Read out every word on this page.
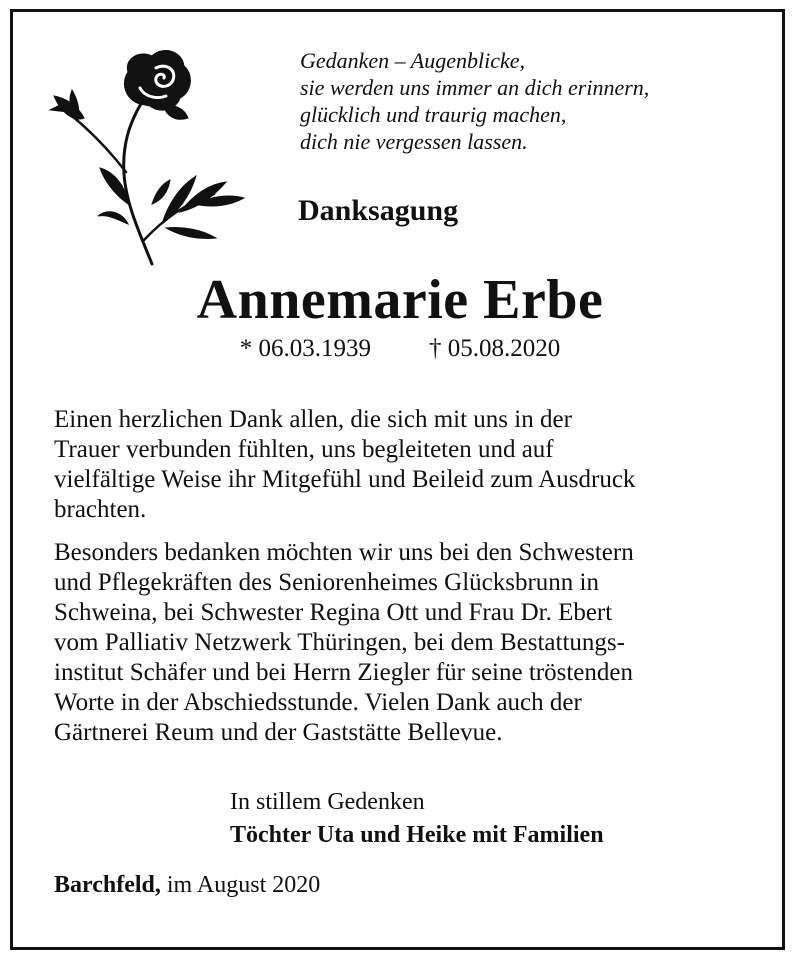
Gedanken – Augenblicke,
sie werden uns immer an dich erinnern,
glücklich und traurig machen,
dich nie vergessen lassen.
Danksagung
Annemarie Erbe
* 06.03.1939 † 05.08.2020
Einen herzlichen Dank allen, die sich mit uns in der
Trauer verbunden fühlten, uns begleiteten und auf
vielfältige Weise ihr Mitgefühl und Beileid zum Ausdruck
brachten.
Besonders bedanken möchten wir uns bei den Schwestern
und Pflegekräften des Seniorenheimes Glücksbrunn in
Schweina, bei Schwester Regina Ott und Frau Dr. Ebert
vom Palliativ Netzwerk Thüringen, bei dem Bestattungs-
institut Schäfer und bei Herrn Ziegler für seine tröstenden
Worte in der Abschiedsstunde. Vielen Dank auch der
Gärtnerei Reum und der Gaststätte Bellevue.
In stillem Gedenken
Töchter Uta und Heike mit Familien
Barchfeld, im August 2020
